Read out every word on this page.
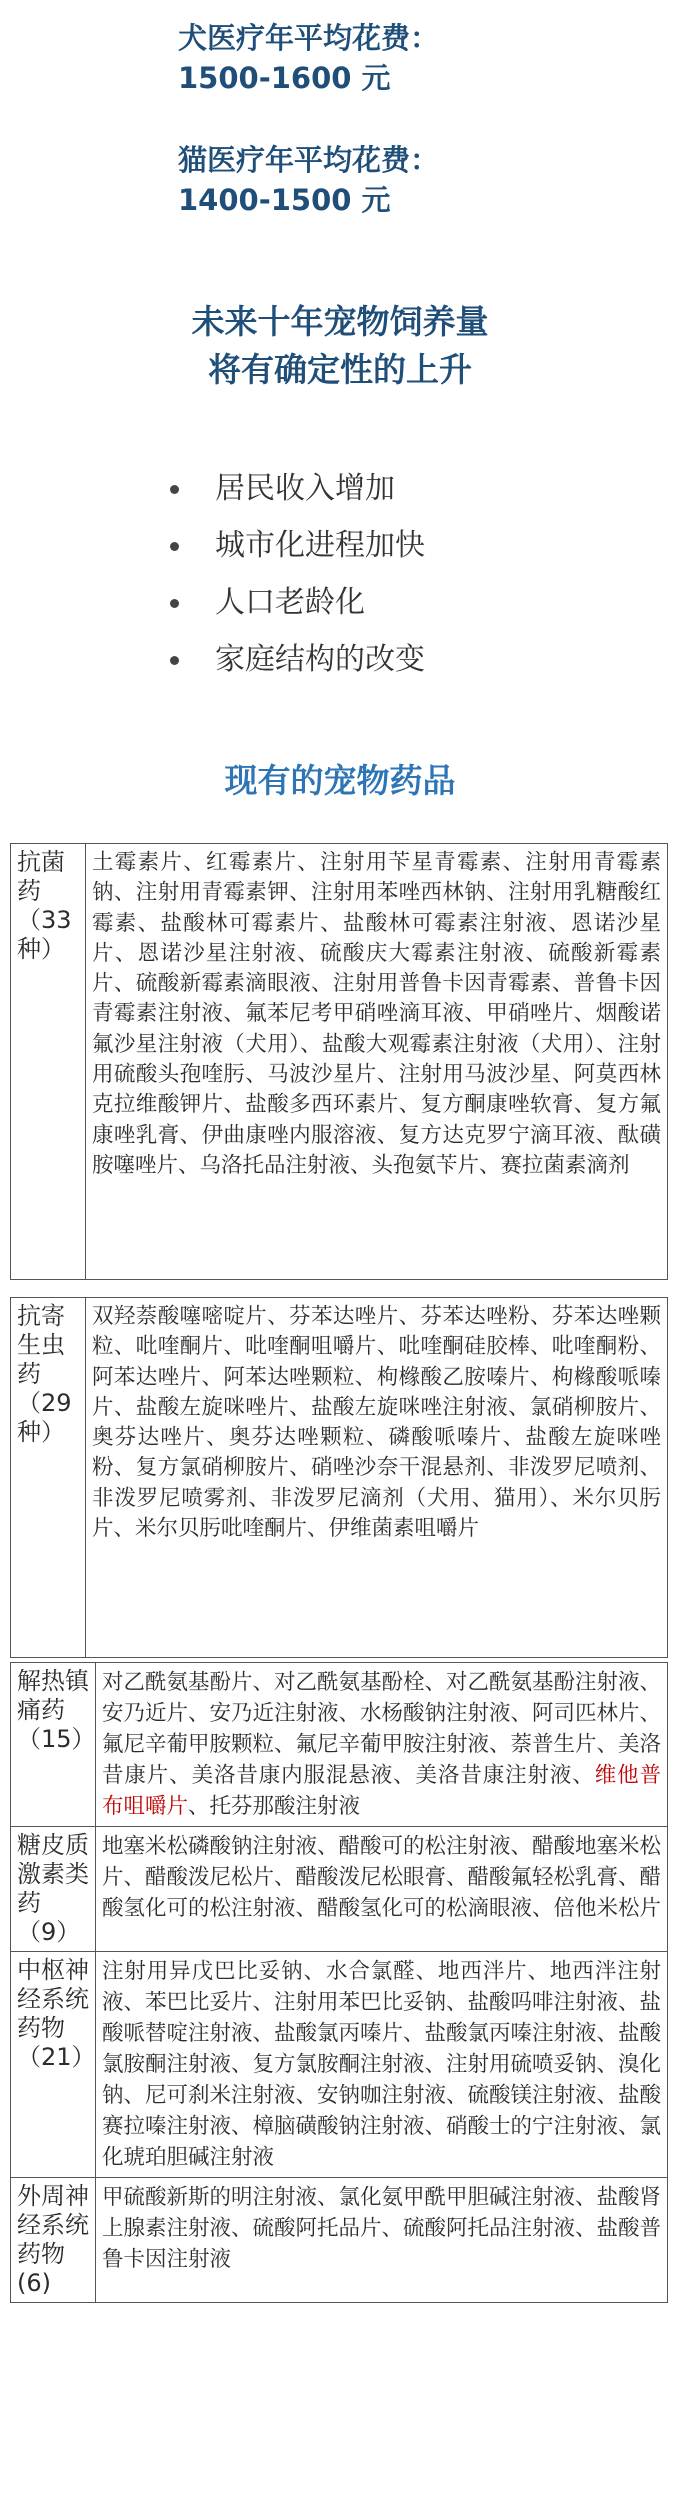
犬医疗年平均花费：
1500-1600 元
猫医疗年平均花费：
1400-1500 元
未来十年宠物饲养量
将有确定性的上升
居民收入增加
城市化进程加快
人口老龄化
家庭结构的改变
现有的宠物药品
抗菌药（33种）	土霉素片、红霉素片、注射用苄星青霉素、注射用青霉素钠、注射用青霉素钾、注射用苯唑西林钠、注射用乳糖酸红霉素、盐酸林可霉素片、盐酸林可霉素注射液、恩诺沙星片、恩诺沙星注射液、硫酸庆大霉素注射液、硫酸新霉素片、硫酸新霉素滴眼液、注射用普鲁卡因青霉素、普鲁卡因青霉素注射液、氟苯尼考甲硝唑滴耳液、甲硝唑片、烟酸诺氟沙星注射液（犬用）、盐酸大观霉素注射液（犬用）、注射用硫酸头孢喹肟、马波沙星片、注射用马波沙星、阿莫西林克拉维酸钾片、盐酸多西环素片、复方酮康唑软膏、复方氟康唑乳膏、伊曲康唑内服溶液、复方达克罗宁滴耳液、酞磺胺噻唑片、乌洛托品注射液、头孢氨苄片、赛拉菌素滴剂
抗寄生虫药（29种）	双羟萘酸噻嘧啶片、芬苯达唑片、芬苯达唑粉、芬苯达唑颗粒、吡喹酮片、吡喹酮咀嚼片、吡喹酮硅胶棒、吡喹酮粉、阿苯达唑片、阿苯达唑颗粒、枸橼酸乙胺嗪片、枸橼酸哌嗪片、盐酸左旋咪唑片、盐酸左旋咪唑注射液、氯硝柳胺片、奥芬达唑片、奥芬达唑颗粒、磷酸哌嗪片、盐酸左旋咪唑粉、复方氯硝柳胺片、硝唑沙奈干混悬剂、非泼罗尼喷剂、非泼罗尼喷雾剂、非泼罗尼滴剂（犬用、猫用）、米尔贝肟片、米尔贝肟吡喹酮片、伊维菌素咀嚼片
解热镇痛药（15）	对乙酰氨基酚片、对乙酰氨基酚栓、对乙酰氨基酚注射液、安乃近片、安乃近注射液、水杨酸钠注射液、阿司匹林片、氟尼辛葡甲胺颗粒、氟尼辛葡甲胺注射液、萘普生片、美洛昔康片、美洛昔康内服混悬液、美洛昔康注射液、维他普布咀嚼片、托芬那酸注射液
糖皮质激素类药（9）	地塞米松磷酸钠注射液、醋酸可的松注射液、醋酸地塞米松片、醋酸泼尼松片、醋酸泼尼松眼膏、醋酸氟轻松乳膏、醋酸氢化可的松注射液、醋酸氢化可的松滴眼液、倍他米松片
中枢神经系统药物（21）	注射用异戊巴比妥钠、水合氯醛、地西泮片、地西泮注射液、苯巴比妥片、注射用苯巴比妥钠、盐酸吗啡注射液、盐酸哌替啶注射液、盐酸氯丙嗪片、盐酸氯丙嗪注射液、盐酸氯胺酮注射液、复方氯胺酮注射液、注射用硫喷妥钠、溴化钠、尼可刹米注射液、安钠咖注射液、硫酸镁注射液、盐酸赛拉嗪注射液、樟脑磺酸钠注射液、硝酸士的宁注射液、氯化琥珀胆碱注射液
外周神经系统药物(6)	甲硫酸新斯的明注射液、氯化氨甲酰甲胆碱注射液、盐酸肾上腺素注射液、硫酸阿托品片、硫酸阿托品注射液、盐酸普鲁卡因注射液
